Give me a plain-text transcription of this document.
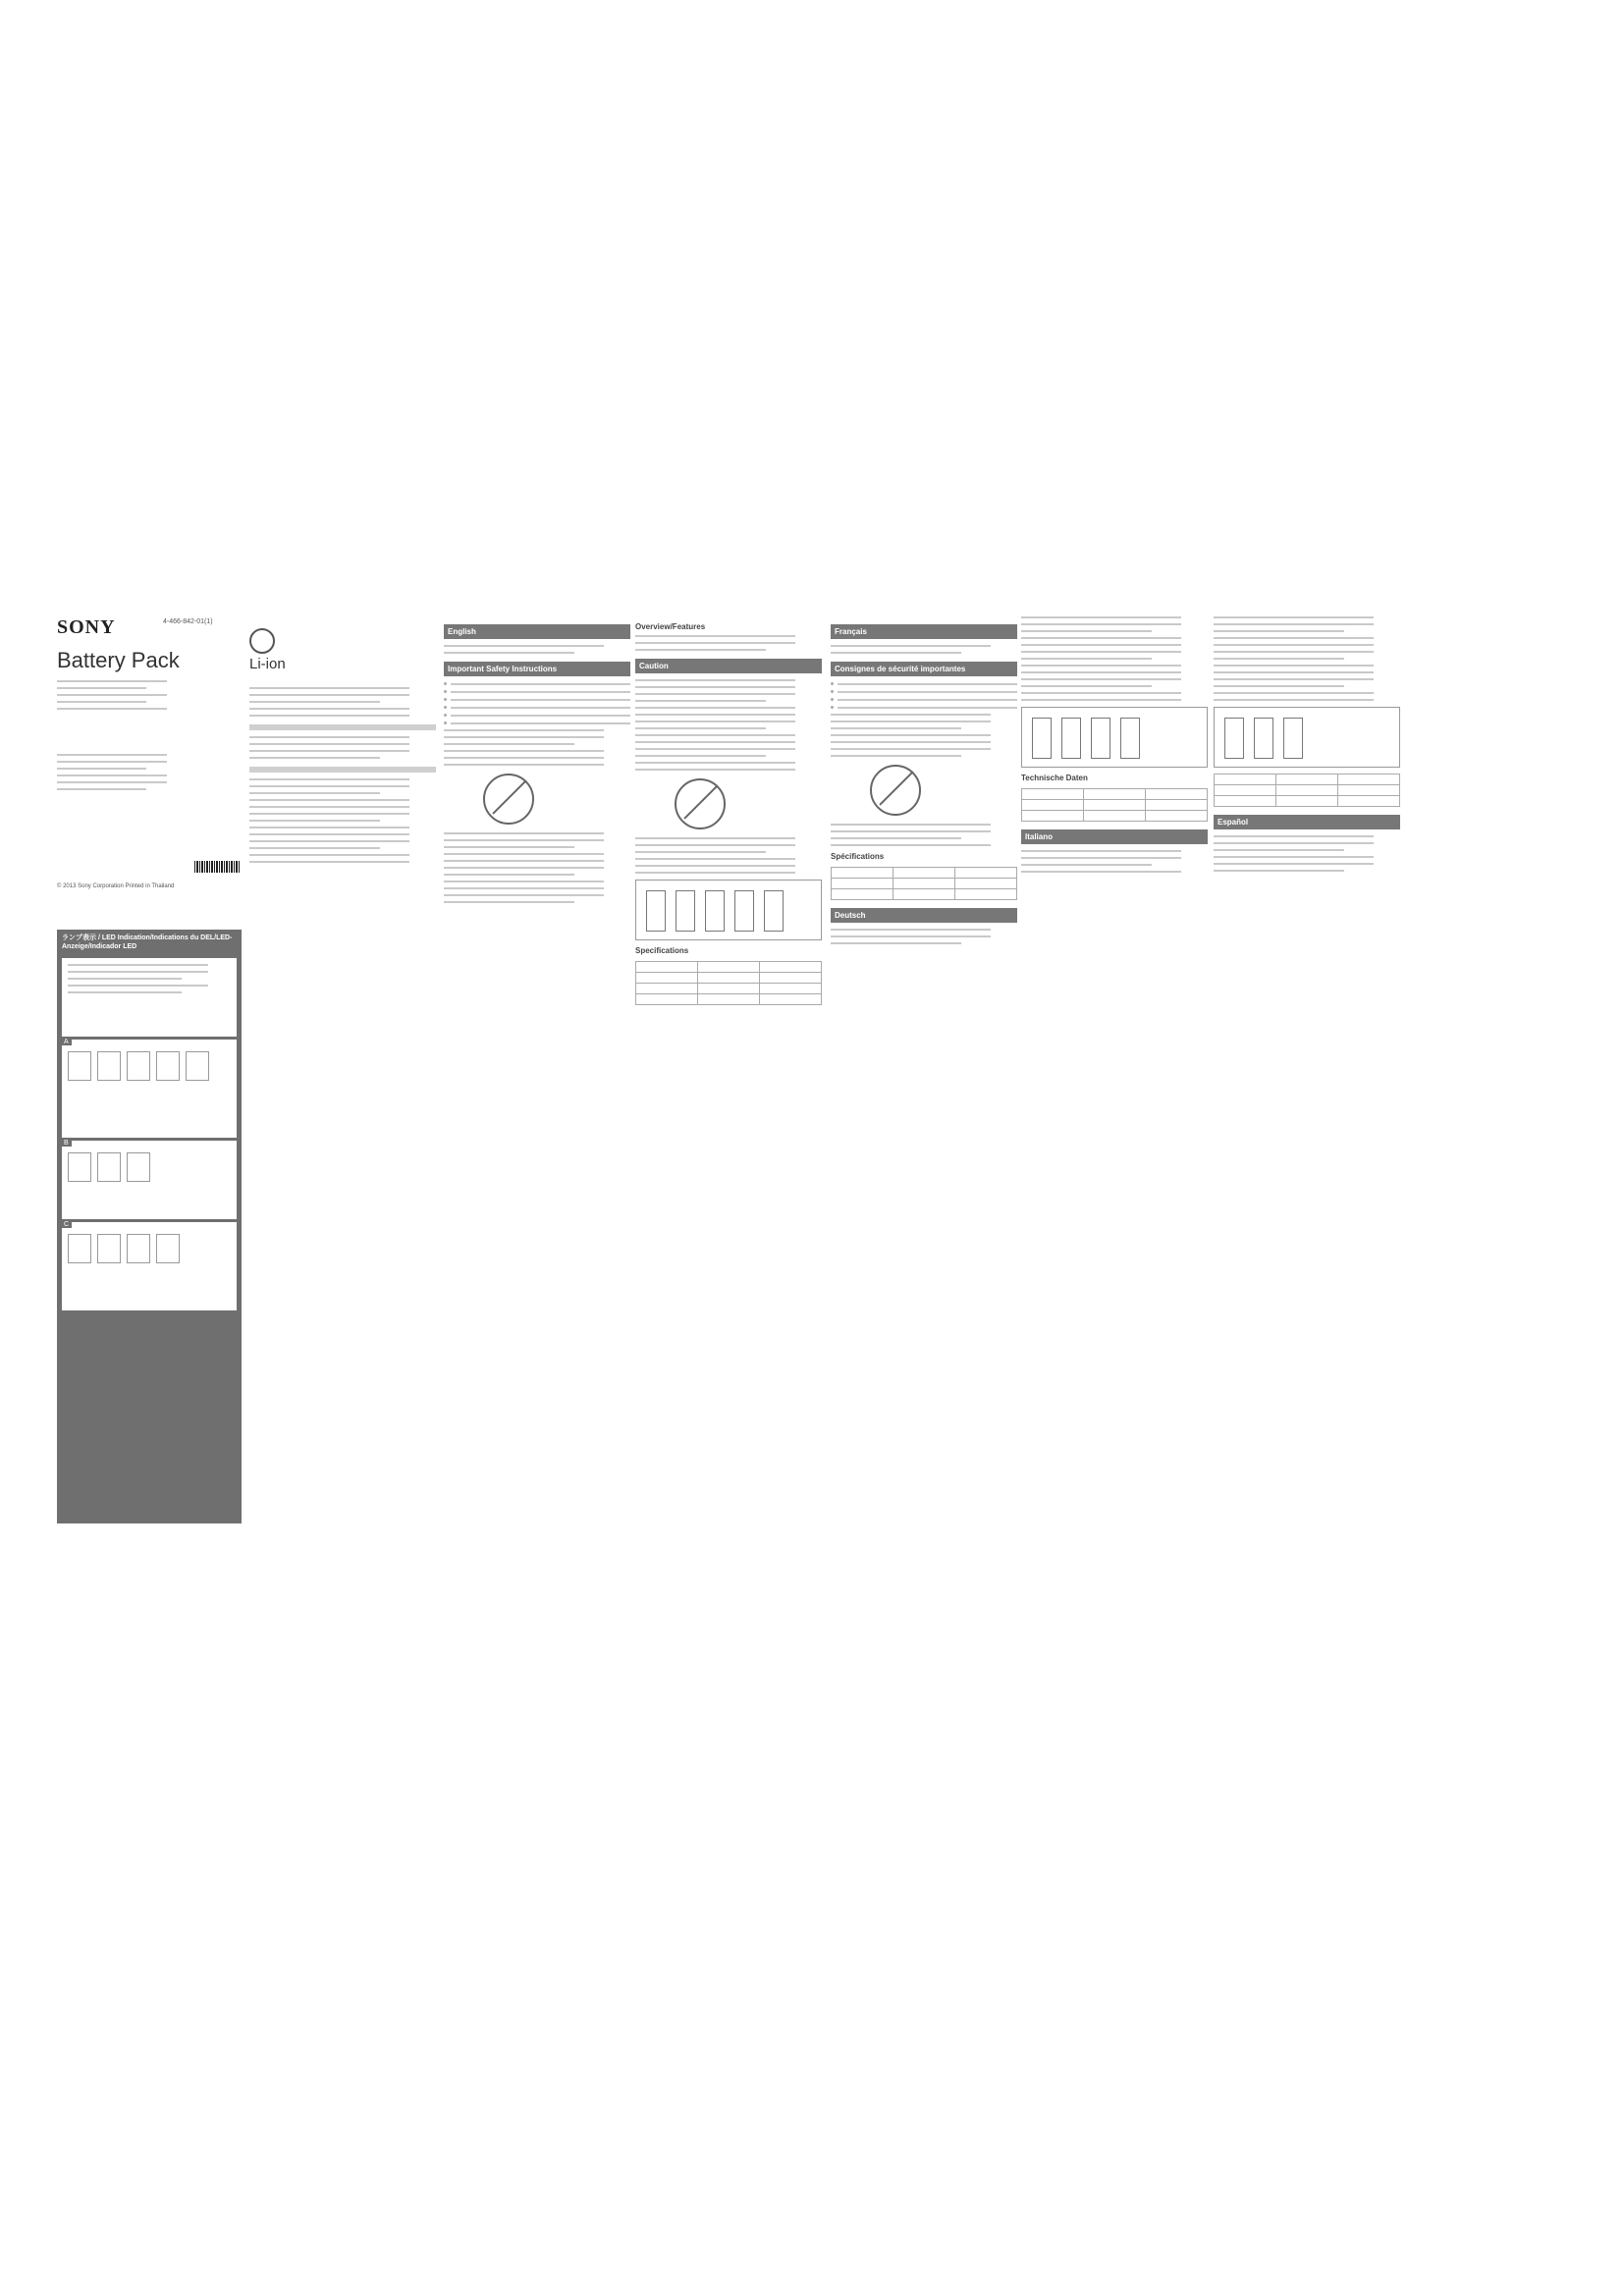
SONY	4-466-842-01(1)
Battery Pack
© 2013 Sony Corporation Printed in Thailand
ランプ表示 / LED Indication/Indications du DEL/LED-Anzeige/Indicador LED
A
B
C
Li-ion
English
Important Safety Instructions
Overview/Features
Caution
Specifications

Français
Consignes de sécurité importantes
Spécifications

Deutsch
Technische Daten

Italiano

Español
